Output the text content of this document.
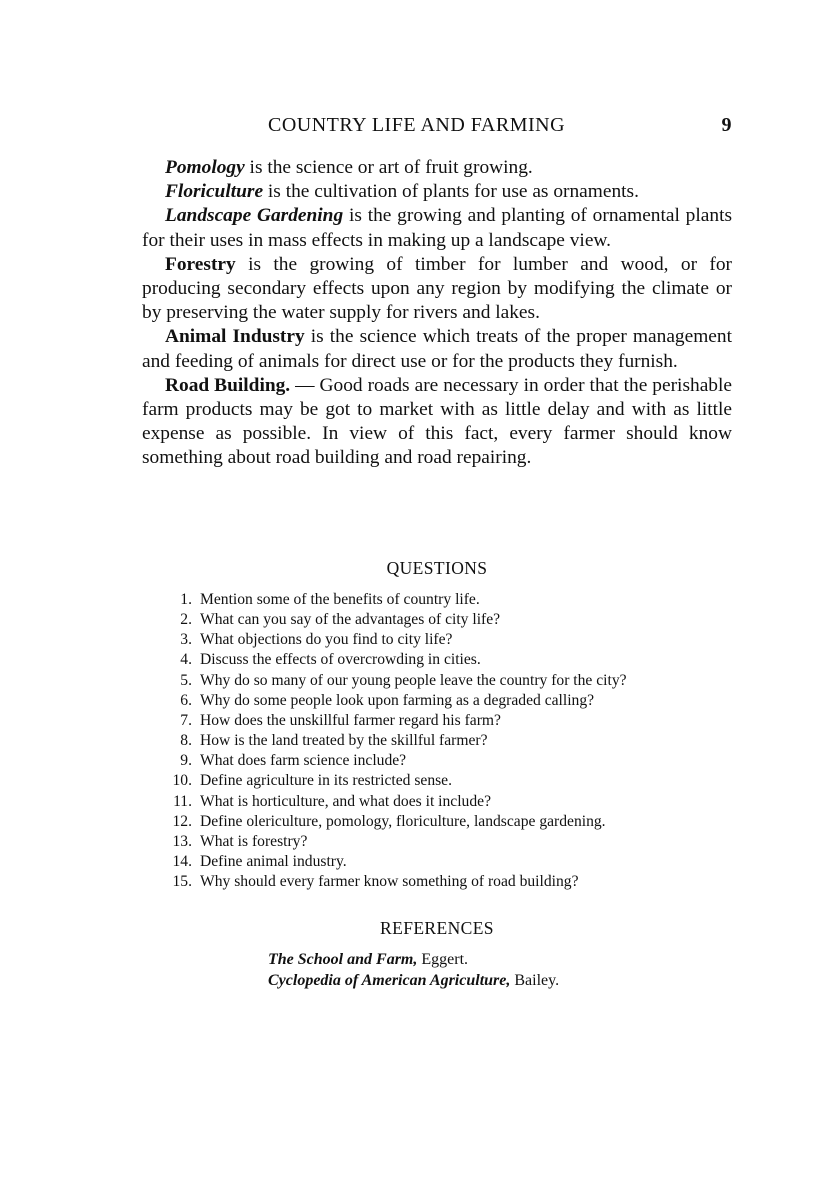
COUNTRY LIFE AND FARMING	9

Pomology is the science or art of fruit growing.

Floriculture is the cultivation of plants for use as ornaments.

Landscape Gardening is the growing and planting of ornamental plants for their uses in mass effects in making up a landscape view.

Forestry is the growing of timber for lumber and wood, or for producing secondary effects upon any region by modifying the climate or by preserving the water supply for rivers and lakes.

Animal Industry is the science which treats of the proper management and feeding of animals for direct use or for the products they furnish.

Road Building. — Good roads are necessary in order that the perishable farm products may be got to market with as little delay and with as little expense as possible. In view of this fact, every farmer should know something about road building and road repairing.

QUESTIONS
1. Mention some of the benefits of country life.
2. What can you say of the advantages of city life?
3. What objections do you find to city life?
4. Discuss the effects of overcrowding in cities.
5. Why do so many of our young people leave the country for the city?
6. Why do some people look upon farming as a degraded calling?
7. How does the unskillful farmer regard his farm?
8. How is the land treated by the skillful farmer?
9. What does farm science include?
10. Define agriculture in its restricted sense.
11. What is horticulture, and what does it include?
12. Define olericulture, pomology, floriculture, landscape gardening.
13. What is forestry?
14. Define animal industry.
15. Why should every farmer know something of road building?
REFERENCES
The School and Farm, Eggert.
Cyclopedia of American Agriculture, Bailey.
